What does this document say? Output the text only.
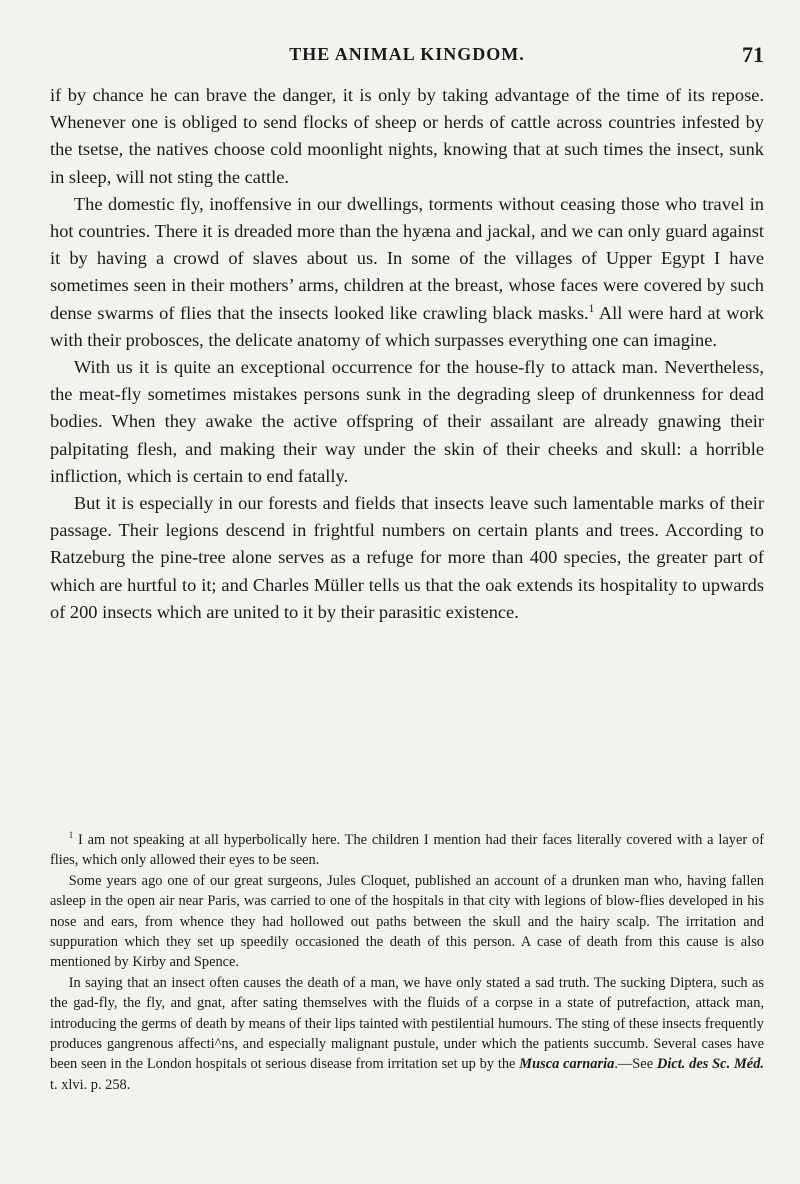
THE ANIMAL KINGDOM.	71

if by chance he can brave the danger, it is only by taking advantage of the time of its repose. Whenever one is obliged to send flocks of sheep or herds of cattle across countries infested by the tsetse, the natives choose cold moonlight nights, knowing that at such times the insect, sunk in sleep, will not sting the cattle.

The domestic fly, inoffensive in our dwellings, torments without ceasing those who travel in hot countries. There it is dreaded more than the hyæna and jackal, and we can only guard against it by having a crowd of slaves about us. In some of the villages of Upper Egypt I have sometimes seen in their mothers’ arms, children at the breast, whose faces were covered by such dense swarms of flies that the insects looked like crawling black masks.$^1$ All were hard at work with their probosces, the delicate anatomy of which surpasses everything one can imagine.

With us it is quite an exceptional occurrence for the house-fly to attack man. Nevertheless, the meat-fly sometimes mistakes persons sunk in the degrading sleep of drunkenness for dead bodies. When they awake the active offspring of their assailant are already gnawing their palpitating flesh, and making their way under the skin of their cheeks and skull: a horrible infliction, which is certain to end fatally.

But it is especially in our forests and fields that insects leave such lamentable marks of their passage. Their legions descend in frightful numbers on certain plants and trees. According to Ratzeburg the pine-tree alone serves as a refuge for more than 400 species, the greater part of which are hurtful to it; and Charles Müller tells us that the oak extends its hospitality to upwards of 200 insects which are united to it by their parasitic existence.

$^1$ I am not speaking at all hyperbolically here. The children I mention had their faces literally covered with a layer of flies, which only allowed their eyes to be seen.

Some years ago one of our great surgeons, Jules Cloquet, published an account of a drunken man who, having fallen asleep in the open air near Paris, was carried to one of the hospitals in that city with legions of blow-flies developed in his nose and ears, from whence they had hollowed out paths between the skull and the hairy scalp. The irritation and suppuration which they set up speedily occasioned the death of this person. A case of death from this cause is also mentioned by Kirby and Spence.

In saying that an insect often causes the death of a man, we have only stated a sad truth. The sucking Diptera, such as the gad-fly, the fly, and gnat, after sating themselves with the fluids of a corpse in a state of putrefaction, attack man, introducing the germs of death by means of their lips tainted with pestilential humours. The sting of these insects frequently produces gangrenous affecti^ns, and especially malignant pustule, under which the patients succumb. Several cases have been seen in the London hospitals ot serious disease from irritation set up by the Musca carnaria.—See Dict. des Sc. Méd. t. xlvi. p. 258.
